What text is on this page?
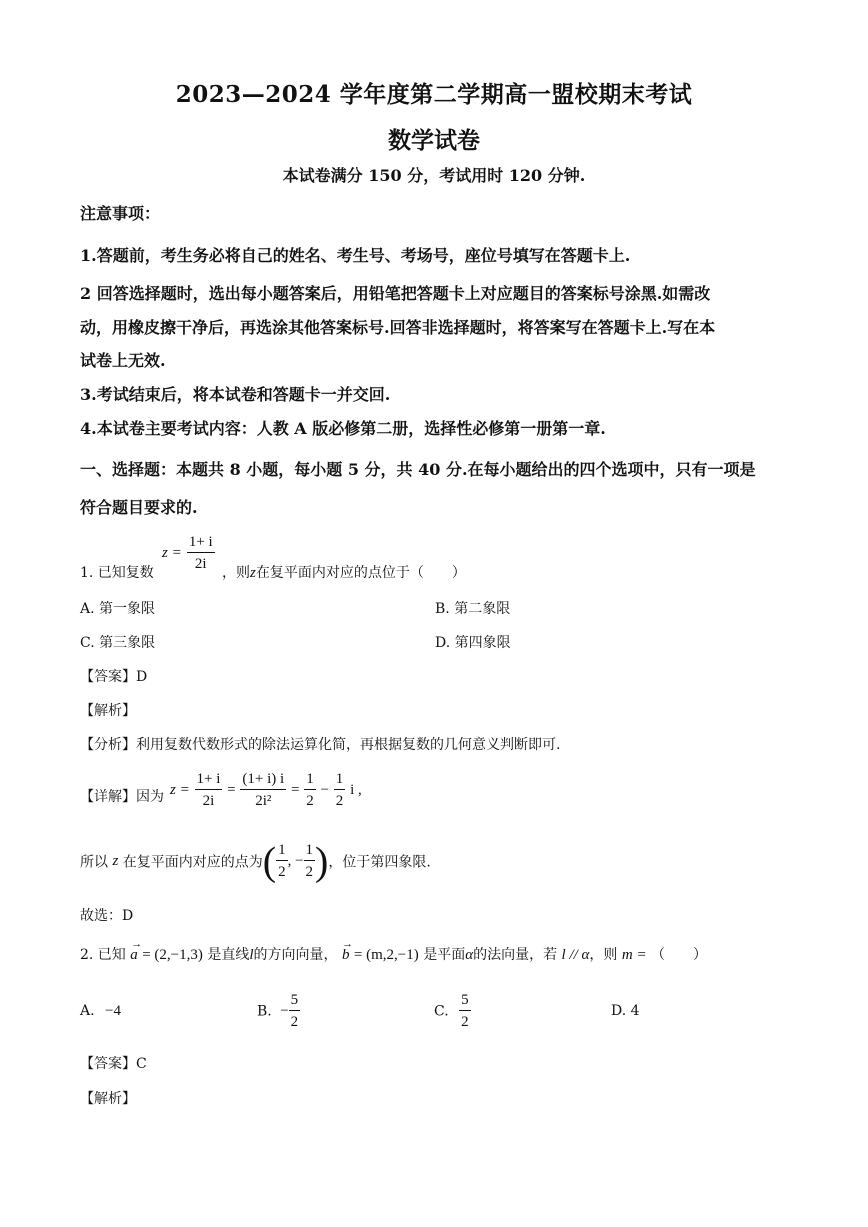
2023—2024 学年度第二学期高一盟校期末考试
数学试卷
本试卷满分 150 分，考试用时 120 分钟.
注意事项：
1.答题前，考生务必将自己的姓名、考生号、考场号，座位号填写在答题卡上.
2 回答选择题时，选出每小题答案后，用铅笔把答题卡上对应题目的答案标号涂黑.如需改
动，用橡皮擦干净后，再选涂其他答案标号.回答非选择题时，将答案写在答题卡上.写在本
试卷上无效.
3.考试结束后，将本试卷和答题卡一并交回.
4.本试卷主要考试内容：人教 A 版必修第二册，选择性必修第一册第一章.
一、选择题：本题共 8 小题，每小题 5 分，共 40 分.在每小题给出的四个选项中，只有一项是
符合题目要求的.
1. 已知复数
$z = \frac{1+ i}{2i}$ ，则z在复平面内对应的点位于（　　）
A. 第一象限	B. 第二象限
C. 第三象限	D. 第四象限
【答案】D
【解析】
【分析】利用复数代数形式的除法运算化简，再根据复数的几何意义判断即可.
【详解】因为 $z = \frac{1+ i}{2i} = \frac{(1+ i) i}{\text{2i²}} = \frac{1}{2} - \frac{1}{2}$ i ,
所以 z 在复平面内对应的点为( $\frac{1}{2}$ , − $\frac{1}{2}$ )，位于第四象限.
故选：D
2. 已知
→
a = (2,−1,3) 是直线l的方向向量，
→
b = (m,2,−1) 是平面α的法向量，若 l // α，则 m = （　　）
A. −4	B. − $\frac{5}{2}$	C. $\frac{5}{2}$	D. 4
【答案】C
【解析】
